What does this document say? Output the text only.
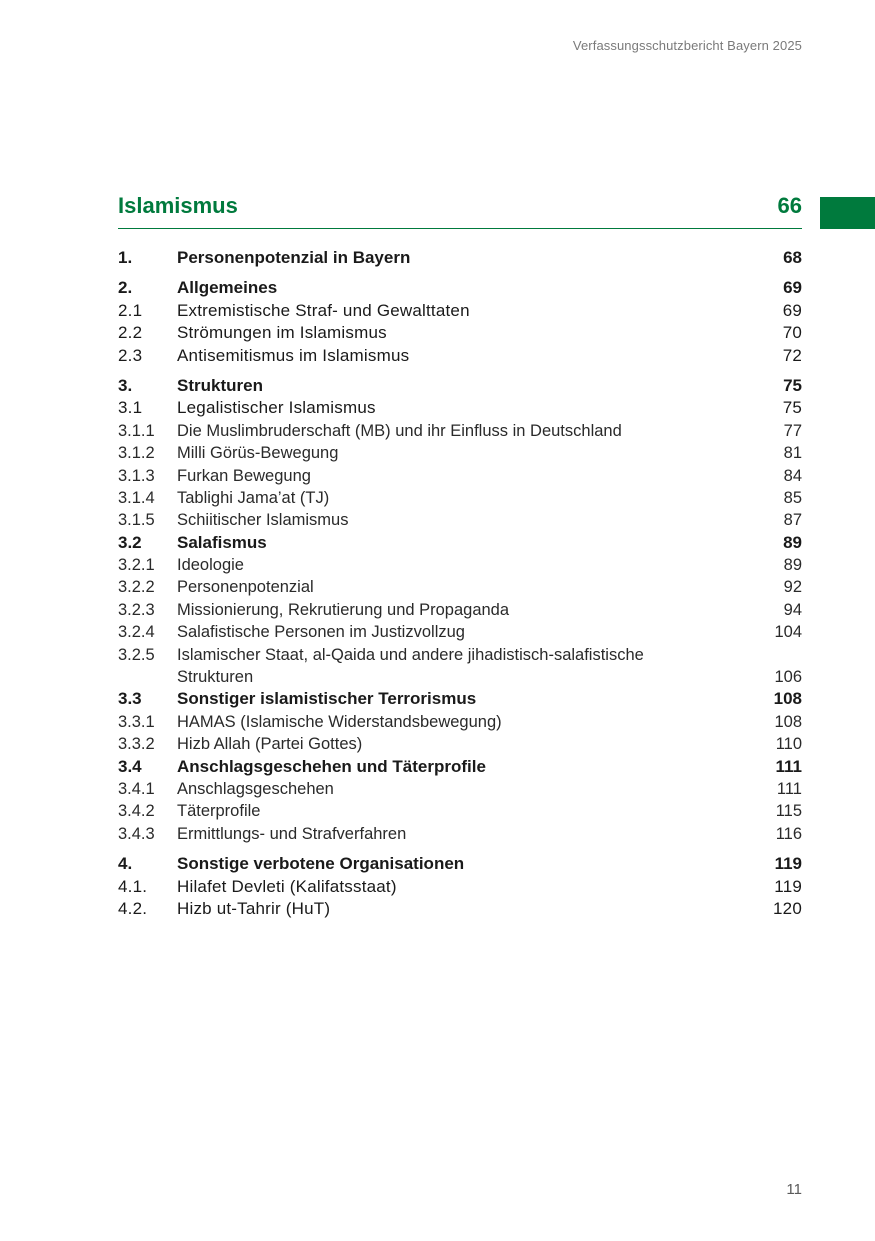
Verfassungsschutzbericht Bayern 2025
Islamismus	66
1.	Personenpotenzial in Bayern	68
2.	Allgemeines	69
2.1	Extremistische Straf- und Gewalttaten	69
2.2	Strömungen im Islamismus	70
2.3	Antisemitismus im Islamismus	72
3.	Strukturen	75
3.1	Legalistischer Islamismus	75
3.1.1	Die Muslimbruderschaft (MB) und ihr Einfluss in Deutschland	77
3.1.2	Milli Görüs-Bewegung	81
3.1.3	Furkan Bewegung	84
3.1.4	Tablighi Jama’at (TJ)	85
3.1.5	Schiitischer Islamismus	87
3.2	Salafismus	89
3.2.1	Ideologie	89
3.2.2	Personenpotenzial	92
3.2.3	Missionierung, Rekrutierung und Propaganda	94
3.2.4	Salafistische Personen im Justizvollzug	104
3.2.5	Islamischer Staat, al-Qaida und andere jihadistisch-salafistische
Strukturen	106
3.3	Sonstiger islamistischer Terrorismus	108
3.3.1	HAMAS (Islamische Widerstandsbewegung)	108
3.3.2	Hizb Allah (Partei Gottes)	110
3.4	Anschlagsgeschehen und Täterprofile	111
3.4.1	Anschlagsgeschehen	111
3.4.2	Täterprofile	115
3.4.3	Ermittlungs- und Strafverfahren	116
4.	Sonstige verbotene Organisationen	119
4.1.	Hilafet Devleti (Kalifatsstaat)	119
4.2.	Hizb ut-Tahrir (HuT)	120
11
